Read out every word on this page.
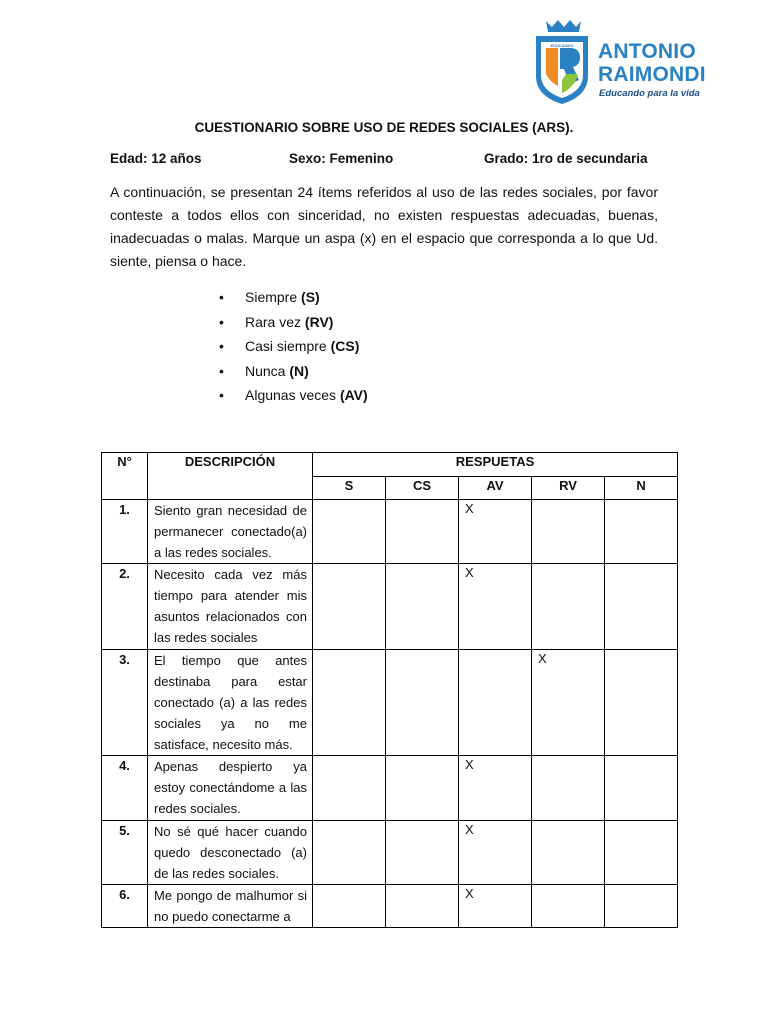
EDUCANDO ANTONIO
RAIMONDI
Educando para la vida
CUESTIONARIO SOBRE USO DE REDES SOCIALES (ARS).
Edad: 12 años	Sexo: Femenino	Grado: 1ro de secundaria

A continuación, se presentan 24 ítems referidos al uso de las redes sociales, por favor conteste a todos ellos con sinceridad, no existen respuestas adecuadas, buenas, inadecuadas o malas. Marque un aspa (x) en el espacio que corresponda a lo que Ud. siente, piensa o hace.

• Siempre (S)
• Rara vez (RV)
• Casi siempre (CS)
• Nunca (N)
• Algunas veces (AV)
N°	DESCRIPCIÓN	RESPUETAS				
		S	CS	AV	RV	N
1.	Siento gran necesidad de permanecer conectado(a) a las redes sociales.			X		
2.	Necesito cada vez más tiempo para atender mis asuntos relacionados con las redes sociales			X		
3.	El tiempo que antes destinaba para estar conectado (a) a las redes sociales ya no me satisface, necesito más.				X	
4.	Apenas despierto ya estoy conectándome a las redes sociales.			X		
5.	No sé qué hacer cuando quedo desconectado (a) de las redes sociales.			X		
6.	Me pongo de malhumor si no puedo conectarme a			X		
